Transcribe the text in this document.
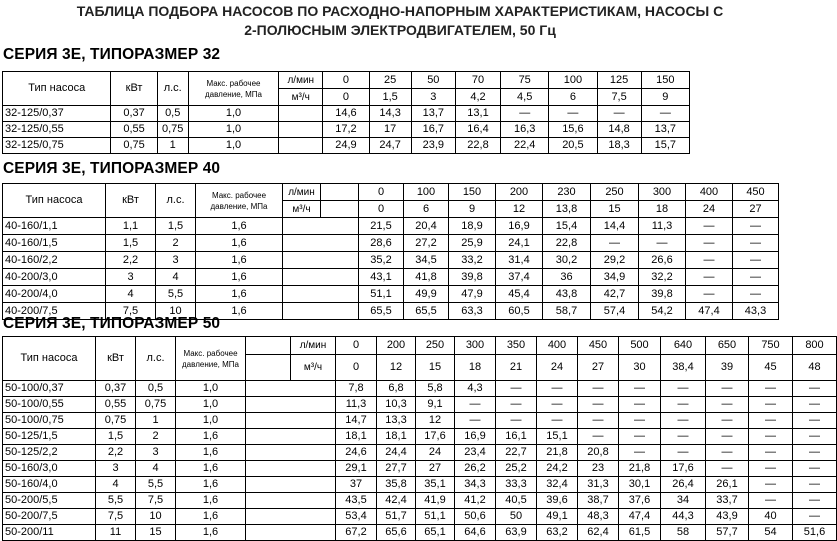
ТАБЛИЦА ПОДБОРА НАСОСОВ ПО РАСХОДНО-НАПОРНЫМ ХАРАКТЕРИСТИКАМ, НАСОСЫ С
2-ПОЛЮСНЫМ ЭЛЕКТРОДВИГАТЕЛЕМ, 50 Гц
СЕРИЯ 3Е, ТИПОРАЗМЕР 32
Тип насоса	кВт	л.с.	Макс. рабочее давление, МПа	л/мин	0	25	50	70	75	100	125	150
				м³/ч	0	1,5	3	4,2	4,5	6	7,5	9
32-125/0,37	0,37	0,5	1,0		14,6	14,3	13,7	13,1	—	—	—	—
32-125/0,55	0,55	0,75	1,0		17,2	17	16,7	16,4	16,3	15,6	14,8	13,7
32-125/0,75	0,75	1	1,0		24,9	24,7	23,9	22,8	22,4	20,5	18,3	15,7
СЕРИЯ 3Е, ТИПОРАЗМЕР 40
Тип насоса	кВт	л.с.	Макс. рабочее давление, МПа	л/мин		0	100	150	200	230	250	300	400	450
				м³/ч		0	6	9	12	13,8	15	18	24	27
40-160/1,1	1,1	1,5	1,6			21,5	20,4	18,9	16,9	15,4	14,4	11,3	—	—
40-160/1,5	1,5	2	1,6			28,6	27,2	25,9	24,1	22,8	—	—	—	—
40-160/2,2	2,2	3	1,6			35,2	34,5	33,2	31,4	30,2	29,2	26,6	—	—
40-200/3,0	3	4	1,6			43,1	41,8	39,8	37,4	36	34,9	32,2	—	—
40-200/4,0	4	5,5	1,6			51,1	49,9	47,9	45,4	43,8	42,7	39,8	—	—
40-200/7,5	7,5	10	1,6			65,5	65,5	63,3	60,5	58,7	57,4	54,2	47,4	43,3
СЕРИЯ 3Е, ТИПОРАЗМЕР 50
Тип насоса	кВт	л.с.	Макс. рабочее давление, МПа		л/мин	0	200	250	300	350	400	450	500	640	650	750	800
					м³/ч	0	12	15	18	21	24	27	30	38,4	39	45	48
50-100/0,37	0,37	0,5	1,0			7,8	6,8	5,8	4,3	—	—	—	—	—	—	—	—
50-100/0,55	0,55	0,75	1,0			11,3	10,3	9,1	—	—	—	—	—	—	—	—	—
50-100/0,75	0,75	1	1,0			14,7	13,3	12	—	—	—	—	—	—	—	—	—
50-125/1,5	1,5	2	1,6			18,1	18,1	17,6	16,9	16,1	15,1	—	—	—	—	—	—
50-125/2,2	2,2	3	1,6			24,6	24,4	24	23,4	22,7	21,8	20,8	—	—	—	—	—
50-160/3,0	3	4	1,6			29,1	27,7	27	26,2	25,2	24,2	23	21,8	17,6	—	—	—
50-160/4,0	4	5,5	1,6			37	35,8	35,1	34,3	33,3	32,4	31,3	30,1	26,4	26,1	—	—
50-200/5,5	5,5	7,5	1,6			43,5	42,4	41,9	41,2	40,5	39,6	38,7	37,6	34	33,7	—	—
50-200/7,5	7,5	10	1,6			53,4	51,7	51,1	50,6	50	49,1	48,3	47,4	44,3	43,9	40	—
50-200/11	11	15	1,6			67,2	65,6	65,1	64,6	63,9	63,2	62,4	61,5	58	57,7	54	51,6
